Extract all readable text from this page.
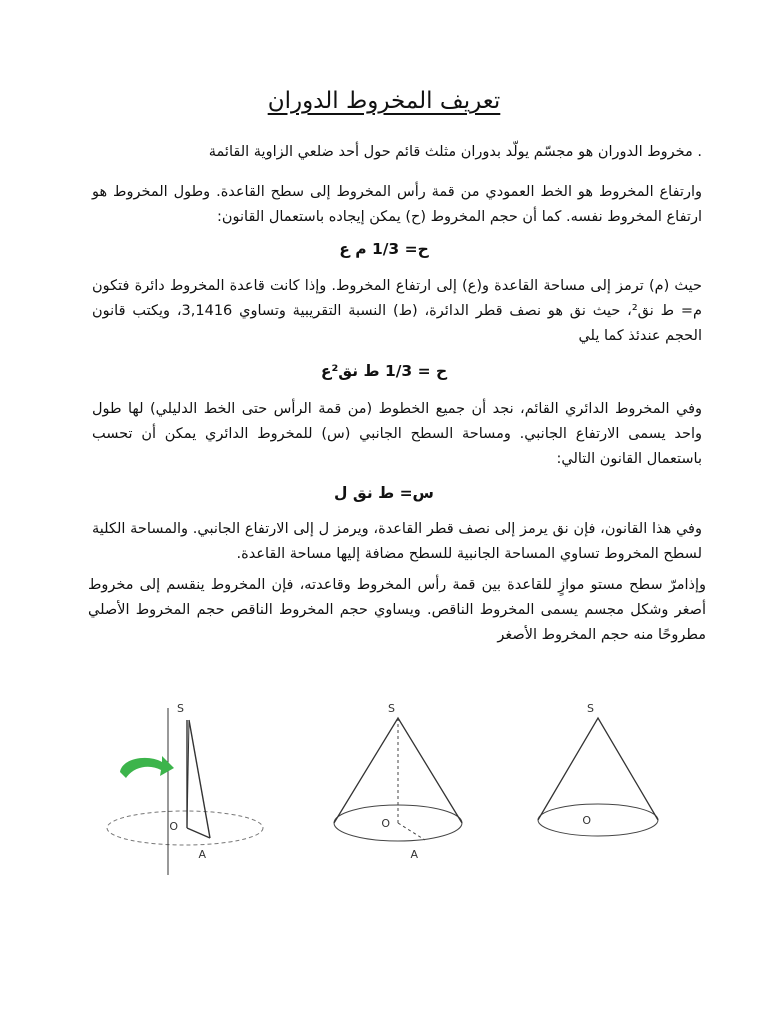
تعريف المخروط الدوران

. مخروط الدوران هو مجسّم يولّد بدوران مثلث قائم حول أحد ضلعي الزاوية القائمة

وارتفاع المخروط هو الخط العمودي من قمة رأس المخروط إلى سطح القاعدة. وطول المخروط هو ارتفاع المخروط نفسه. كما أن حجم المخروط (ح) يمكن إيجاده باستعمال القانون:

ح= 1/3 م ع

حيث (م) ترمز إلى مساحة القاعدة و(ع) إلى ارتفاع المخروط. وإذا كانت قاعدة المخروط دائرة فتكون م= ط نق²، حيث نق هو نصف قطر الدائرة، (ط) النسبة التقريبية وتساوي 3,1416، ويكتب قانون الحجم عندئذ كما يلي

ح = 1/3 ط نق²ع

وفي المخروط الدائري القائم، نجد أن جميع الخطوط (من قمة الرأس حتى الخط الدليلي) لها طول واحد يسمى الارتفاع الجانبي. ومساحة السطح الجانبي (س) للمخروط الدائري يمكن أن تحسب باستعمال القانون التالي:

س= ط نق ل

وفي هذا القانون، فإن نق يرمز إلى نصف قطر القاعدة، ويرمز ل إلى الارتفاع الجانبي. والمساحة الكلية لسطح المخروط تساوي المساحة الجانبية للسطح مضافة إليها مساحة القاعدة.

وإذامرّ سطح مستو موازٍ للقاعدة بين قمة رأس المخروط وقاعدته، فإن المخروط ينقسم إلى مخروط أصغر وشكل مجسم يسمى المخروط الناقص. ويساوي حجم المخروط الناقص حجم المخروط الأصلي مطروحًا منه حجم المخروط الأصغر

S
O
A
S
O
A
S
O
